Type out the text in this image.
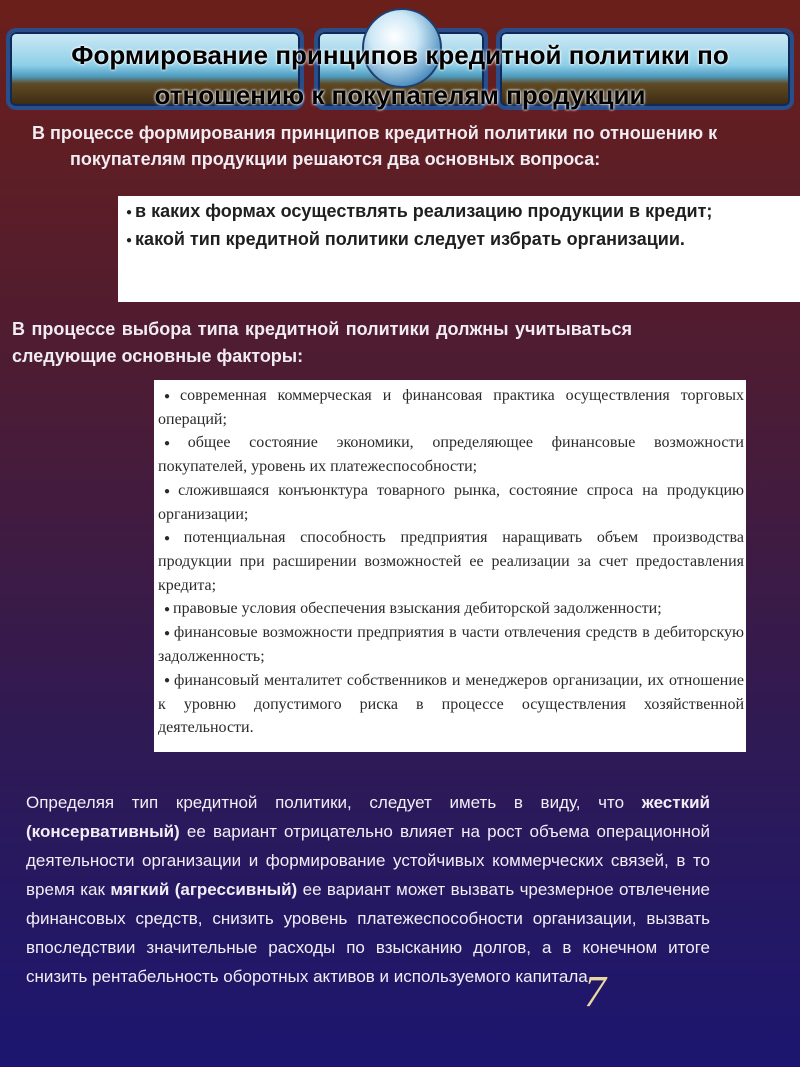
Формирование принципов кредитной политики по
отношению к покупателям продукции

В процессе формирования принципов кредитной политики по отношению к покупателям продукции решаются два основных вопроса:

● в каких формах осуществлять реализацию продукции в кредит;

● какой тип кредитной политики следует избрать организации.

В процессе выбора типа кредитной политики должны учитываться следующие основные факторы:

● современная коммерческая и финансовая практика осуществления торговых операций;

● общее состояние экономики, определяющее финансовые возможности покупателей, уровень их платежеспособности;

● сложившаяся конъюнктура товарного рынка, состояние спроса на продукцию организации;

● потенциальная способность предприятия наращивать объем производства продукции при расширении возможностей ее реализации за счет предоставления кредита;

● правовые условия обеспечения взыскания дебиторской задолженности;

● финансовые возможности предприятия в части отвлечения средств в дебиторскую задолженность;

● финансовый менталитет собственников и менеджеров организации, их отношение к уровню допустимого риска в процессе осуществления хозяйственной деятельности.

Определяя тип кредитной политики, следует иметь в виду, что жесткий (консервативный) ее вариант отрицательно влияет на рост объема операционной деятельности организации и формирование устойчивых коммерческих связей, в то время как мягкий (агрессивный) ее вариант может вызвать чрезмерное отвлечение финансовых средств, снизить уровень платежеспособности организации, вызвать впоследствии значительные расходы по взысканию долгов, а в конечном итоге снизить рентабельность оборотных активов и используемого капитала.

7
